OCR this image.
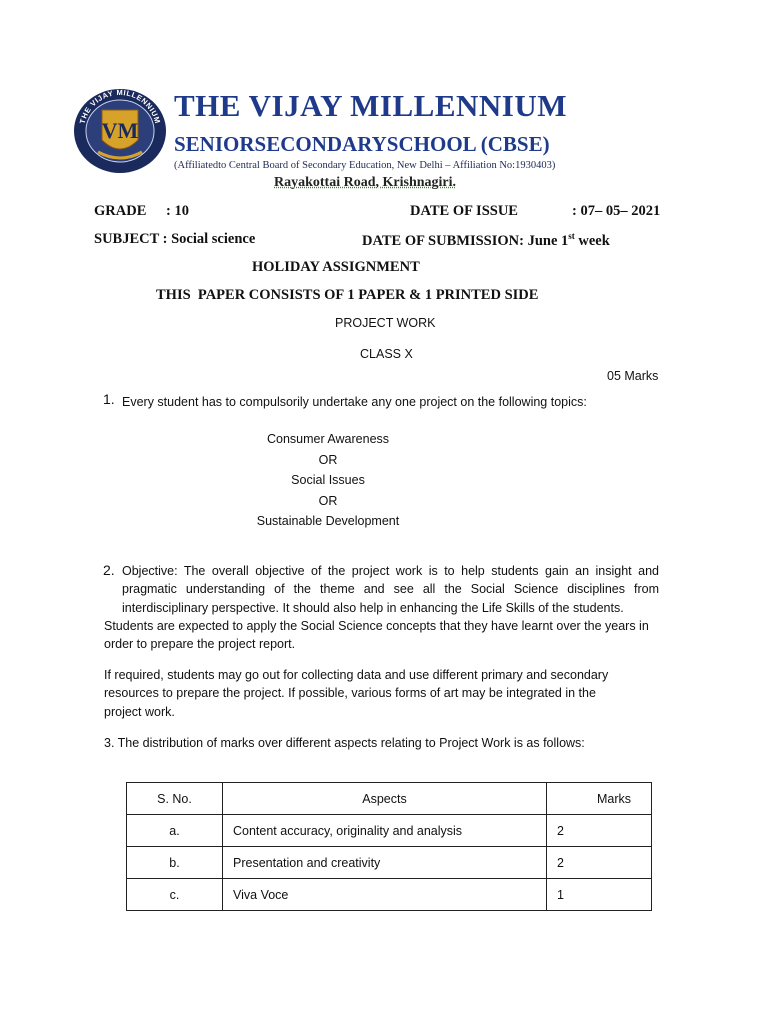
THE VIJAY MILLENNIUM
VM
THE VIJAY MILLENNIUM
SENIORSECONDARYSCHOOL (CBSE)
(Affiliatedto Central Board of Secondary Education, New Delhi – Affiliation No:1930403)
Rayakottai Road, Krishnagiri.
GRADE : 10	DATE OF ISSUE	: 07– 05– 2021
SUBJECT : Social science	DATE OF SUBMISSION: June 1st week
HOLIDAY ASSIGNMENT
THIS  PAPER CONSISTS OF 1 PAPER & 1 PRINTED SIDE
PROJECT WORK
CLASS X
05 Marks
1. Every student has to compulsorily undertake any one project on the following topics:
Consumer Awareness
OR
Social Issues
OR
Sustainable Development
2. Objective: The overall objective of the project work is to help students gain an insight and pragmatic understanding of the theme and see all the Social Science disciplines from interdisciplinary perspective. It should also help in enhancing the Life Skills of the students.
Students are expected to apply the Social Science concepts that they have learnt over the years in order to prepare the project report.
If required, students may go out for collecting data and use different primary and secondary resources to prepare the project. If possible, various forms of art may be integrated in the project work.
3. The distribution of marks over different aspects relating to Project Work is as follows:
S. No.	Aspects	Marks
a.	Content accuracy, originality and analysis	2
b.	Presentation and creativity	2
c.	Viva Voce	1
